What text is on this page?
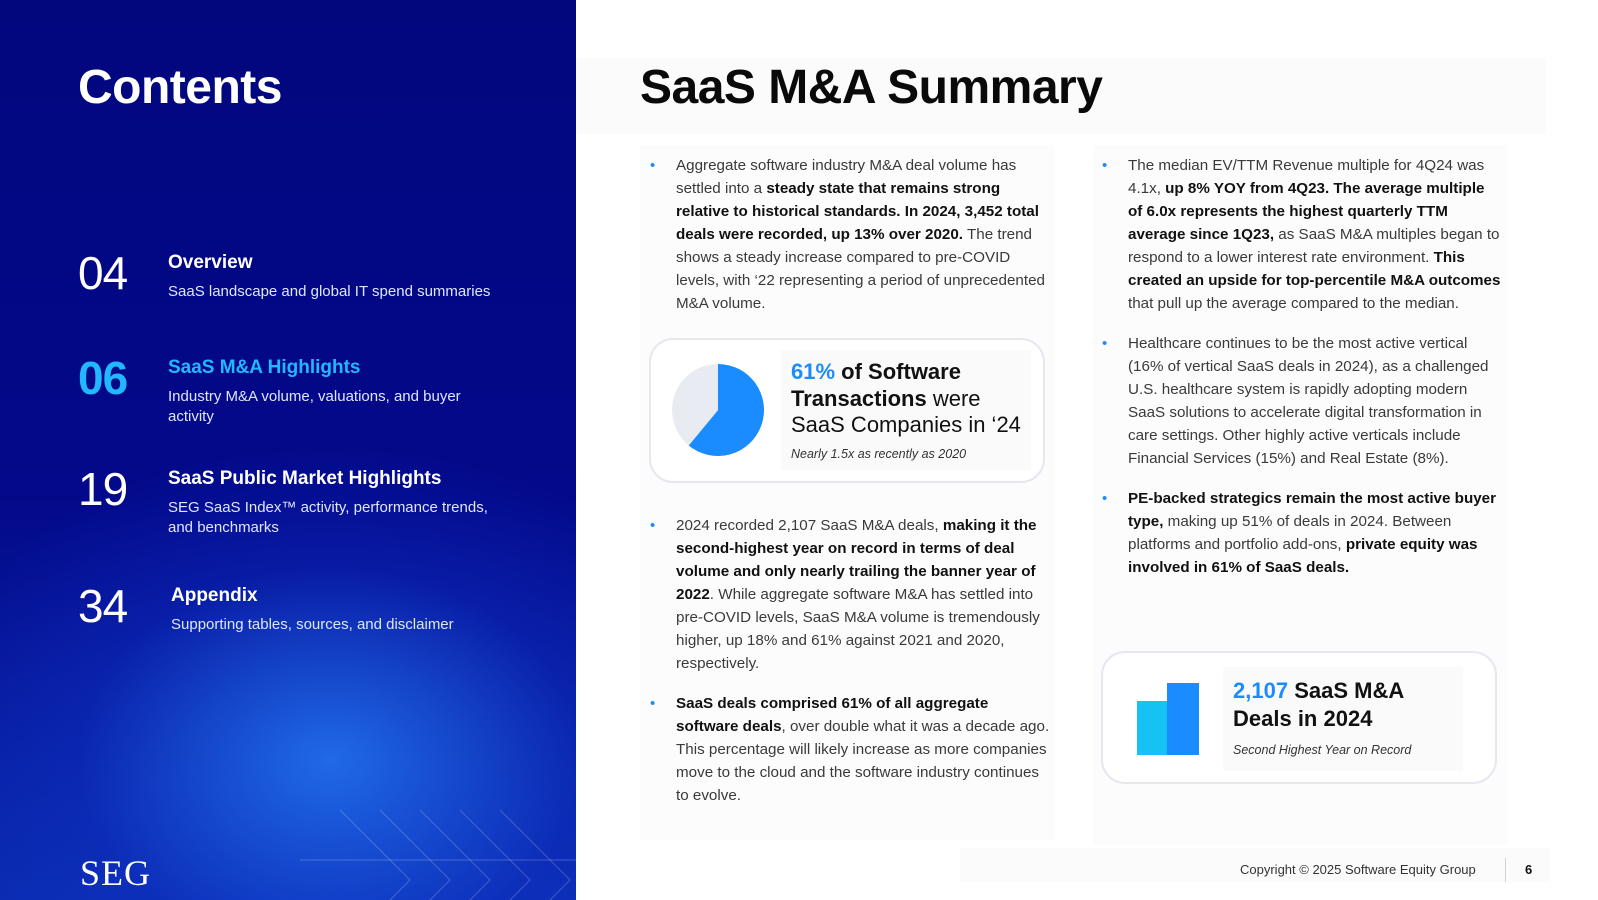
Contents
04 Overview
SaaS landscape and global IT spend summaries
06 SaaS M&A Highlights
Industry M&A volume, valuations, and buyer activity
19 SaaS Public Market Highlights
SEG SaaS Index™ activity, performance trends, and benchmarks
34 Appendix
Supporting tables, sources, and disclaimer
SEG
SaaS M&A Summary
• Aggregate software industry M&A deal volume has settled into a steady state that remains strong relative to historical standards. In 2024, 3,452 total deals were recorded, up 13% over 2020. The trend shows a steady increase compared to pre-COVID levels, with ‘22 representing a period of unprecedented M&A volume.
• 2024 recorded 2,107 SaaS M&A deals, making it the second-highest year on record in terms of deal volume and only nearly trailing the banner year of 2022. While aggregate software M&A has settled into pre-COVID levels, SaaS M&A volume is tremendously higher, up 18% and 61% against 2021 and 2020, respectively.
• SaaS deals comprised 61% of all aggregate software deals, over double what it was a decade ago. This percentage will likely increase as more companies move to the cloud and the software industry continues to evolve.
61% of Software
Transactions were
SaaS Companies in ‘24
Nearly 1.5x as recently as 2020
• The median EV/TTM Revenue multiple for 4Q24 was 4.1x, up 8% YOY from 4Q23. The average multiple of 6.0x represents the highest quarterly TTM average since 1Q23, as SaaS M&A multiples began to respond to a lower interest rate environment. This created an upside for top-percentile M&A outcomes that pull up the average compared to the median.
• Healthcare continues to be the most active vertical (16% of vertical SaaS deals in 2024), as a challenged U.S. healthcare system is rapidly adopting modern SaaS solutions to accelerate digital transformation in care settings. Other highly active verticals include Financial Services (15%) and Real Estate (8%).
• PE-backed strategics remain the most active buyer type, making up 51% of deals in 2024. Between platforms and portfolio add-ons, private equity was involved in 61% of SaaS deals.
2,107 SaaS M&A
Deals in 2024
Second Highest Year on Record
Copyright © 2025 Software Equity Group	6
